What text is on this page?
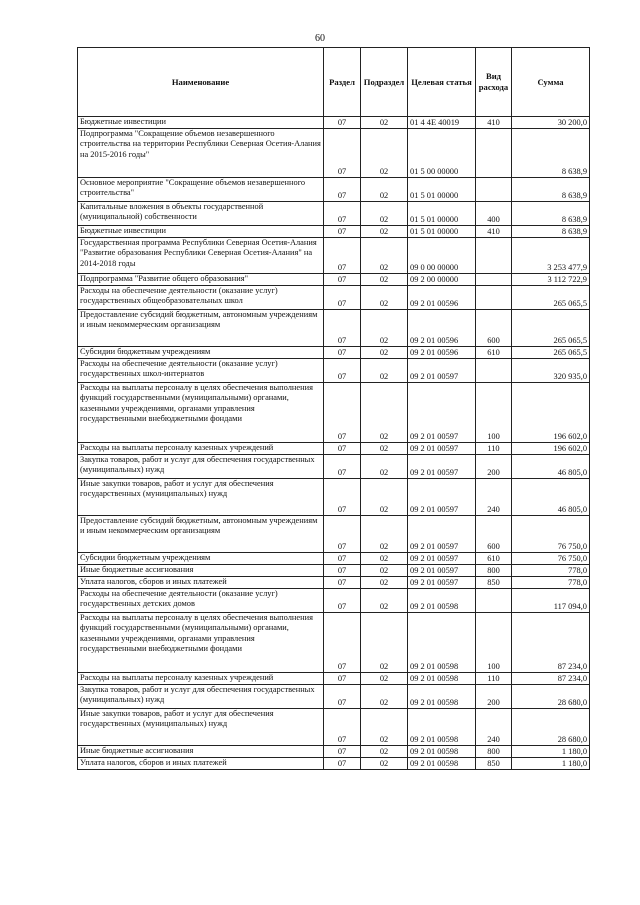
60
Наименование	Раздел	Подраздел	Целевая статья	Вид расхода	Сумма
Бюджетные инвестиции	07	02	01 4 4Е 40019	410	30 200,0
Подпрограмма "Сокращение объемов незавершенного строительства на территории Республики Северная Осетия-Алания на 2015-2016 годы"	07	02	01 5 00 00000		8 638,9
Основное мероприятие "Сокращение объемов незавершенного строительства"	07	02	01 5 01 00000		8 638,9
Капитальные вложения в объекты государственной (муниципальной) собственности	07	02	01 5 01 00000	400	8 638,9
Бюджетные инвестиции	07	02	01 5 01 00000	410	8 638,9
Государственная программа Республики Северная Осетия-Алания "Развитие образования Республики Северная Осетия-Алания" на 2014-2018 годы	07	02	09 0 00 00000		3 253 477,9
Подпрограмма "Развитие общего образования"	07	02	09 2 00 00000		3 112 722,9
Расходы на обеспечение деятельности (оказание услуг) государственных общеобразовательных школ	07	02	09 2 01 00596		265 065,5
Предоставление субсидий бюджетным, автономным учреждениям и иным некоммерческим организациям	07	02	09 2 01 00596	600	265 065,5
Субсидии бюджетным учреждениям	07	02	09 2 01 00596	610	265 065,5
Расходы на обеспечение деятельности (оказание услуг) государственных школ-интернатов	07	02	09 2 01 00597		320 935,0
Расходы на выплаты персоналу в целях обеспечения выполнения функций государственными (муниципальными) органами, казенными учреждениями, органами управления государственными внебюджетными фондами	07	02	09 2 01 00597	100	196 602,0
Расходы на выплаты персоналу казенных учреждений	07	02	09 2 01 00597	110	196 602,0
Закупка товаров, работ и услуг для обеспечения государственных (муниципальных) нужд	07	02	09 2 01 00597	200	46 805,0
Иные закупки товаров, работ и услуг для обеспечения государственных (муниципальных) нужд	07	02	09 2 01 00597	240	46 805,0
Предоставление субсидий бюджетным, автономным учреждениям и иным некоммерческим организациям	07	02	09 2 01 00597	600	76 750,0
Субсидии бюджетным учреждениям	07	02	09 2 01 00597	610	76 750,0
Иные бюджетные ассигнования	07	02	09 2 01 00597	800	778,0
Уплата налогов, сборов и иных платежей	07	02	09 2 01 00597	850	778,0
Расходы на обеспечение деятельности (оказание услуг) государственных детских домов	07	02	09 2 01 00598		117 094,0
Расходы на выплаты персоналу в целях обеспечения выполнения функций государственными (муниципальными) органами, казенными учреждениями, органами управления государственными внебюджетными фондами	07	02	09 2 01 00598	100	87 234,0
Расходы на выплаты персоналу казенных учреждений	07	02	09 2 01 00598	110	87 234,0
Закупка товаров, работ и услуг для обеспечения государственных (муниципальных) нужд	07	02	09 2 01 00598	200	28 680,0
Иные закупки товаров, работ и услуг для обеспечения государственных (муниципальных) нужд	07	02	09 2 01 00598	240	28 680,0
Иные бюджетные ассигнования	07	02	09 2 01 00598	800	1 180,0
Уплата налогов, сборов и иных платежей	07	02	09 2 01 00598	850	1 180,0
